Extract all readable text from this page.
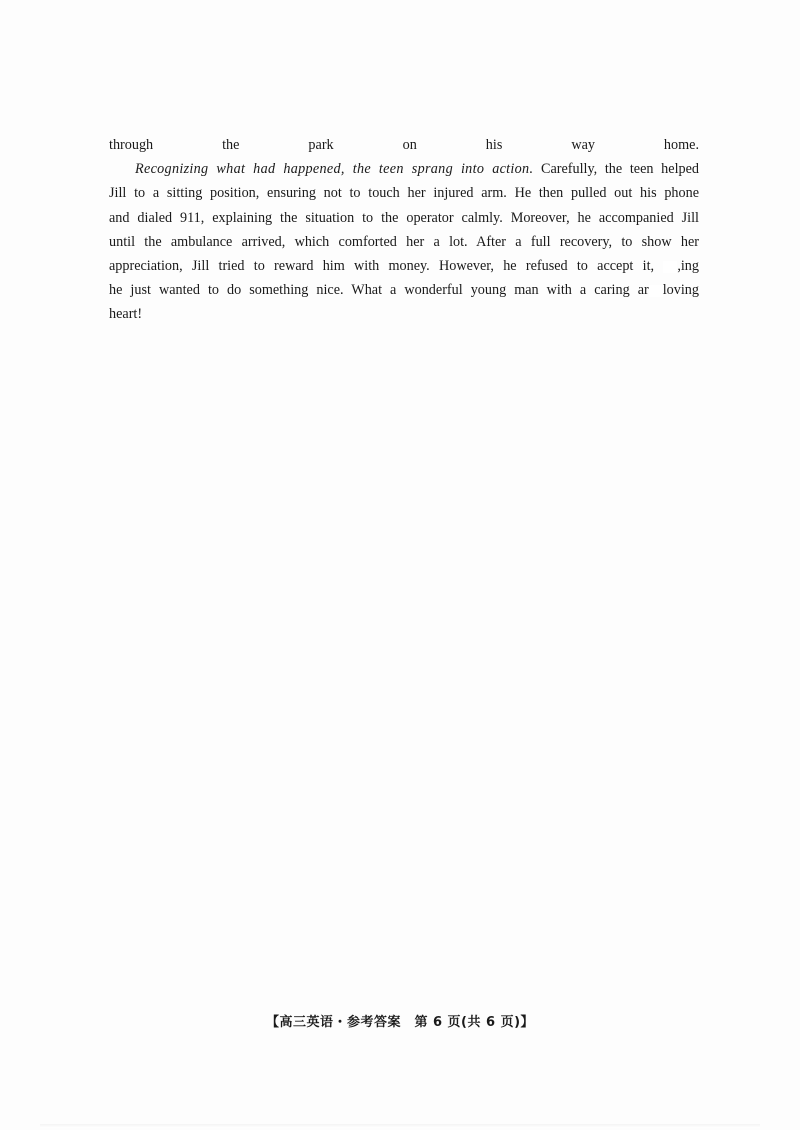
through the park on his way home.
Recognizing what had happened, the teen sprang into action. Carefully, the teen helped
Jill to a sitting position, ensuring not to touch her injured arm. He then pulled out his phone
and dialed 911, explaining the situation to the operator calmly. Moreover, he accompanied Jill
until the ambulance arrived, which comforted her a lot. After a full recovery, to show her
appreciation, Jill tried to reward him with money. However, he refused to accept it, ,ing
he just wanted to do something nice. What a wonderful young man with a caring ar loving
heart!
【高三英语・参考答案　第 6 页(共 6 页)】
